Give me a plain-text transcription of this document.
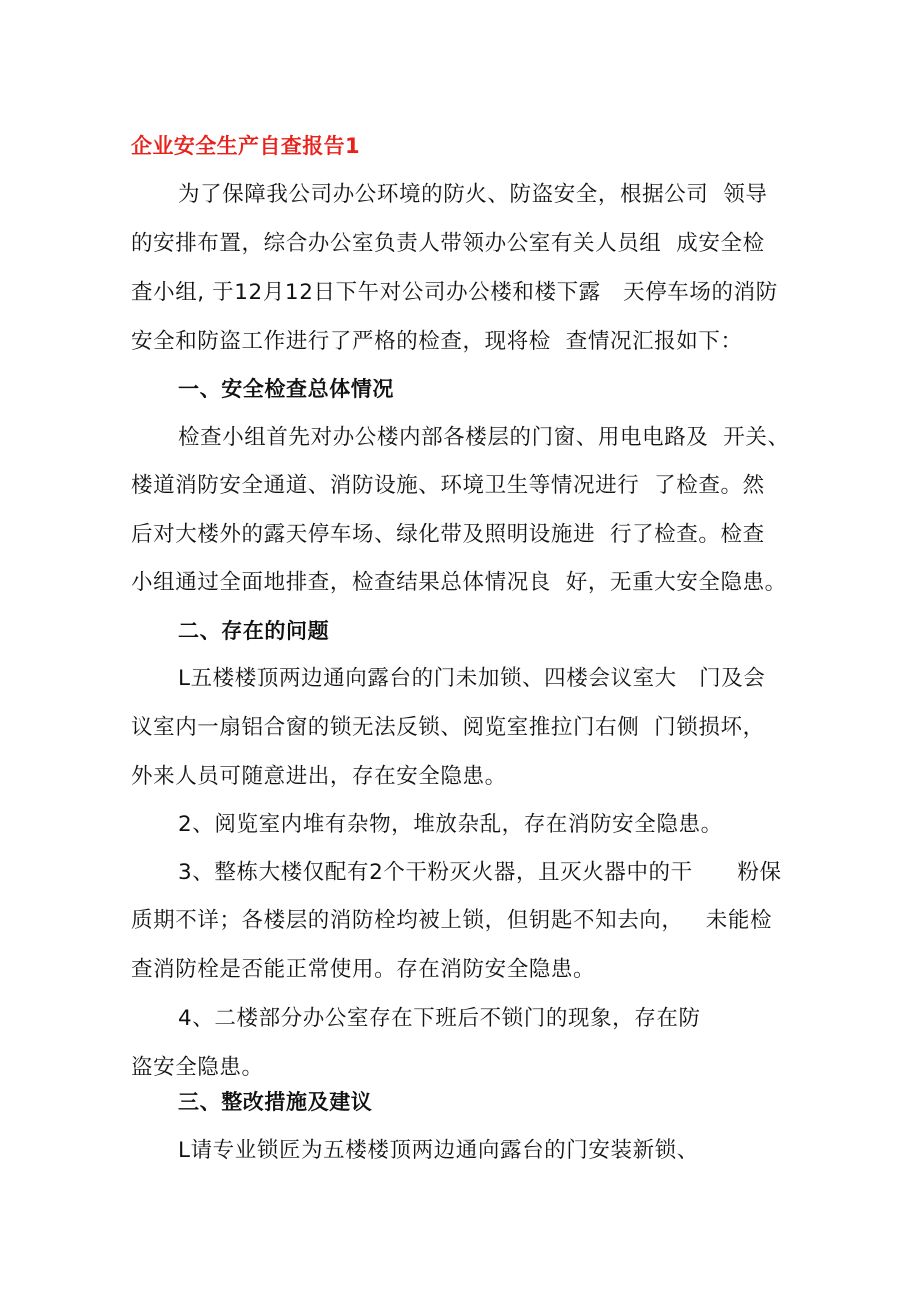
企业安全生产自查报告1

为了保障我公司办公环境的防火、防盗安全，根据公司  领导

的安排布置，综合办公室负责人带领办公室有关人员组  成安全检

査小组, 于12月12日下午对公司办公楼和楼下露   天停车场的消防

安全和防盗工作进行了严格的检查，现将检  查情况汇报如下：

一、安全检查总体情况

检查小组首先对办公楼内部各楼层的门窗、用电电路及  开关、

楼道消防安全通道、消防设施、环境卫生等情况进行  了检查。然

后对大楼外的露天停车场、绿化带及照明设施进  行了检查。检查

小组通过全面地排查，检查结果总体情况良  好，无重大安全隐患。

二、存在的问题

L五楼楼顶两边通向露台的门未加锁、四楼会议室大   门及会

议室内一扇铝合窗的锁无法反锁、阅览室推拉门右侧  门锁损坏，

外来人员可随意进出，存在安全隐患。

2、阅览室内堆有杂物，堆放杂乱，存在消防安全隐患。

3、整栋大楼仅配有2个干粉灭火器，且灭火器中的干      粉保

质期不详；各楼层的消防栓均被上锁，但钥匙不知去向，   未能检

查消防栓是否能正常使用。存在消防安全隐患。

4、二楼部分办公室存在下班后不锁门的现象，存在防

盗安全隐患。

三、整改措施及建议

L请专业锁匠为五楼楼顶两边通向露台的门安装新锁、
